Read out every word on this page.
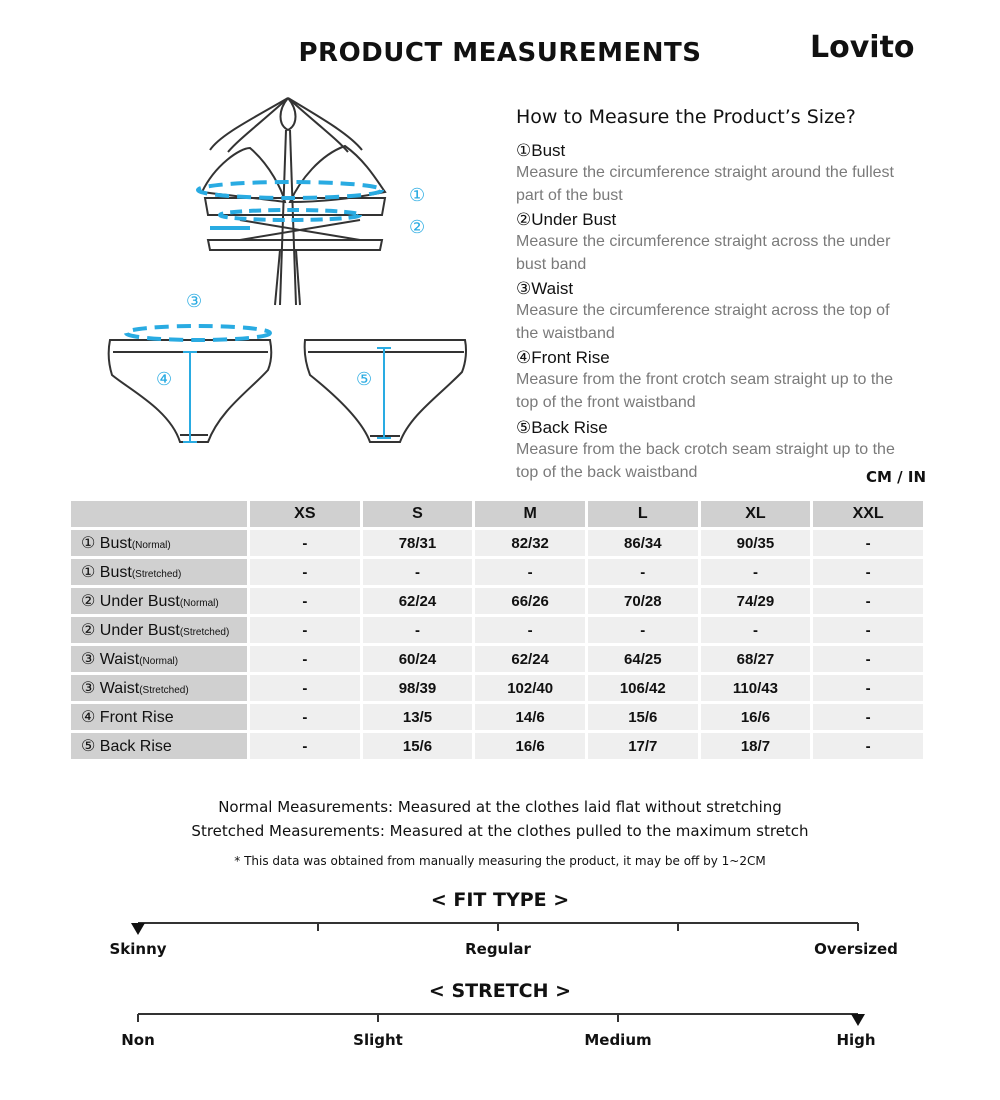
PRODUCT MEASUREMENTS	Lovito
①
②
③
④	⑤
How to Measure the Product’s Size?
①Bust
Measure the circumference straight around the fullest part of the bust
②Under Bust
Measure the circumference straight across the under bust band
③Waist
Measure the circumference straight across the top of the waistband
④Front Rise
Measure from the front crotch seam straight up to the top of the front waistband
⑤Back Rise
Measure from the back crotch seam straight up to the top of the back waistband	CM / IN
	XS	S	M	L	XL	XXL
① Bust(Normal)	-	78/31	82/32	86/34	90/35	-
① Bust(Stretched)	-	-	-	-	-	-
② Under Bust(Normal)	-	62/24	66/26	70/28	74/29	-
② Under Bust(Stretched)	-	-	-	-	-	-
③ Waist(Normal)	-	60/24	62/24	64/25	68/27	-
③ Waist(Stretched)	-	98/39	102/40	106/42	110/43	-
④ Front Rise	-	13/5	14/6	15/6	16/6	-
⑤ Back Rise	-	15/6	16/6	17/7	18/7	-
Normal Measurements: Measured at the clothes laid flat without stretching
Stretched Measurements: Measured at the clothes pulled to the maximum stretch
* This data was obtained from manually measuring the product, it may be off by 1~2CM
< FIT TYPE >
Skinny	Regular	Oversized
< STRETCH >
Non	Slight	Medium	High
